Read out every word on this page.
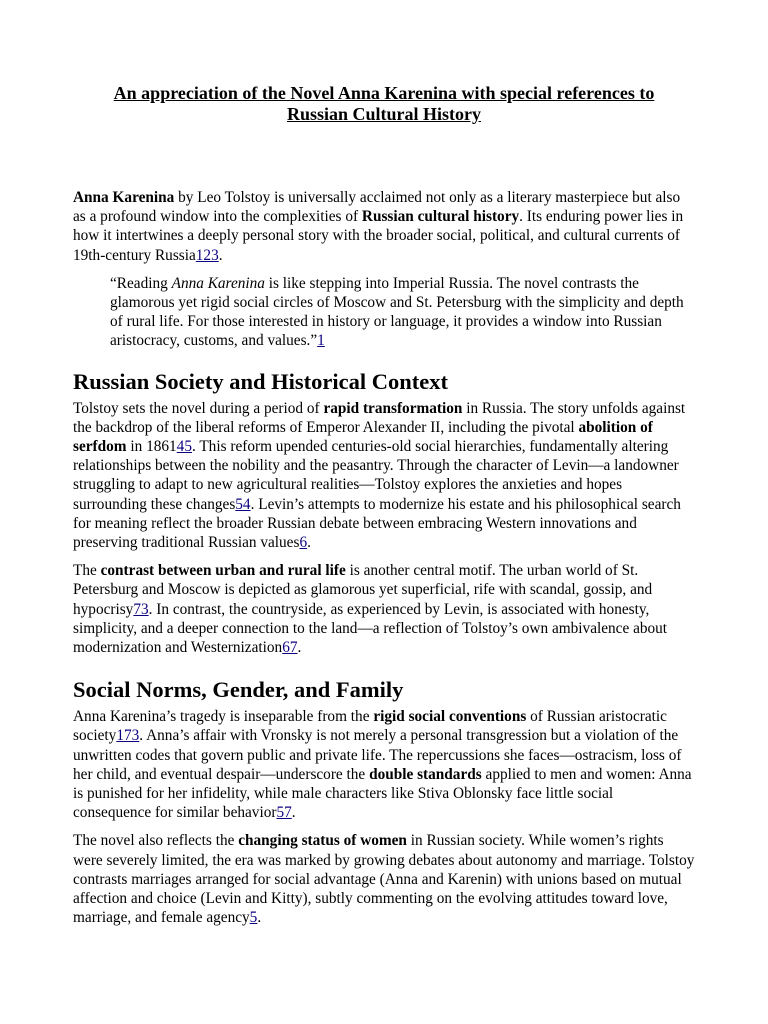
An appreciation of the Novel Anna Karenina with special references to
Russian Cultural History

Anna Karenina by Leo Tolstoy is universally acclaimed not only as a literary masterpiece but also as a profound window into the complexities of Russian cultural history. Its enduring power lies in how it intertwines a deeply personal story with the broader social, political, and cultural currents of 19th-century Russia123.

“Reading Anna Karenina is like stepping into Imperial Russia. The novel contrasts the glamorous yet rigid social circles of Moscow and St. Petersburg with the simplicity and depth of rural life. For those interested in history or language, it provides a window into Russian aristocracy, customs, and values.”1

Russian Society and Historical Context

Tolstoy sets the novel during a period of rapid transformation in Russia. The story unfolds against the backdrop of the liberal reforms of Emperor Alexander II, including the pivotal abolition of serfdom in 186145. This reform upended centuries-old social hierarchies, fundamentally altering relationships between the nobility and the peasantry. Through the character of Levin—a landowner struggling to adapt to new agricultural realities—Tolstoy explores the anxieties and hopes surrounding these changes54. Levin’s attempts to modernize his estate and his philosophical search for meaning reflect the broader Russian debate between embracing Western innovations and preserving traditional Russian values6.

The contrast between urban and rural life is another central motif. The urban world of St. Petersburg and Moscow is depicted as glamorous yet superficial, rife with scandal, gossip, and hypocrisy73. In contrast, the countryside, as experienced by Levin, is associated with honesty, simplicity, and a deeper connection to the land—a reflection of Tolstoy’s own ambivalence about modernization and Westernization67.

Social Norms, Gender, and Family

Anna Karenina’s tragedy is inseparable from the rigid social conventions of Russian aristocratic society173. Anna’s affair with Vronsky is not merely a personal transgression but a violation of the unwritten codes that govern public and private life. The repercussions she faces—ostracism, loss of her child, and eventual despair—underscore the double standards applied to men and women: Anna is punished for her infidelity, while male characters like Stiva Oblonsky face little social consequence for similar behavior57.

The novel also reflects the changing status of women in Russian society. While women’s rights were severely limited, the era was marked by growing debates about autonomy and marriage. Tolstoy contrasts marriages arranged for social advantage (Anna and Karenin) with unions based on mutual affection and choice (Levin and Kitty), subtly commenting on the evolving attitudes toward love, marriage, and female agency5.
